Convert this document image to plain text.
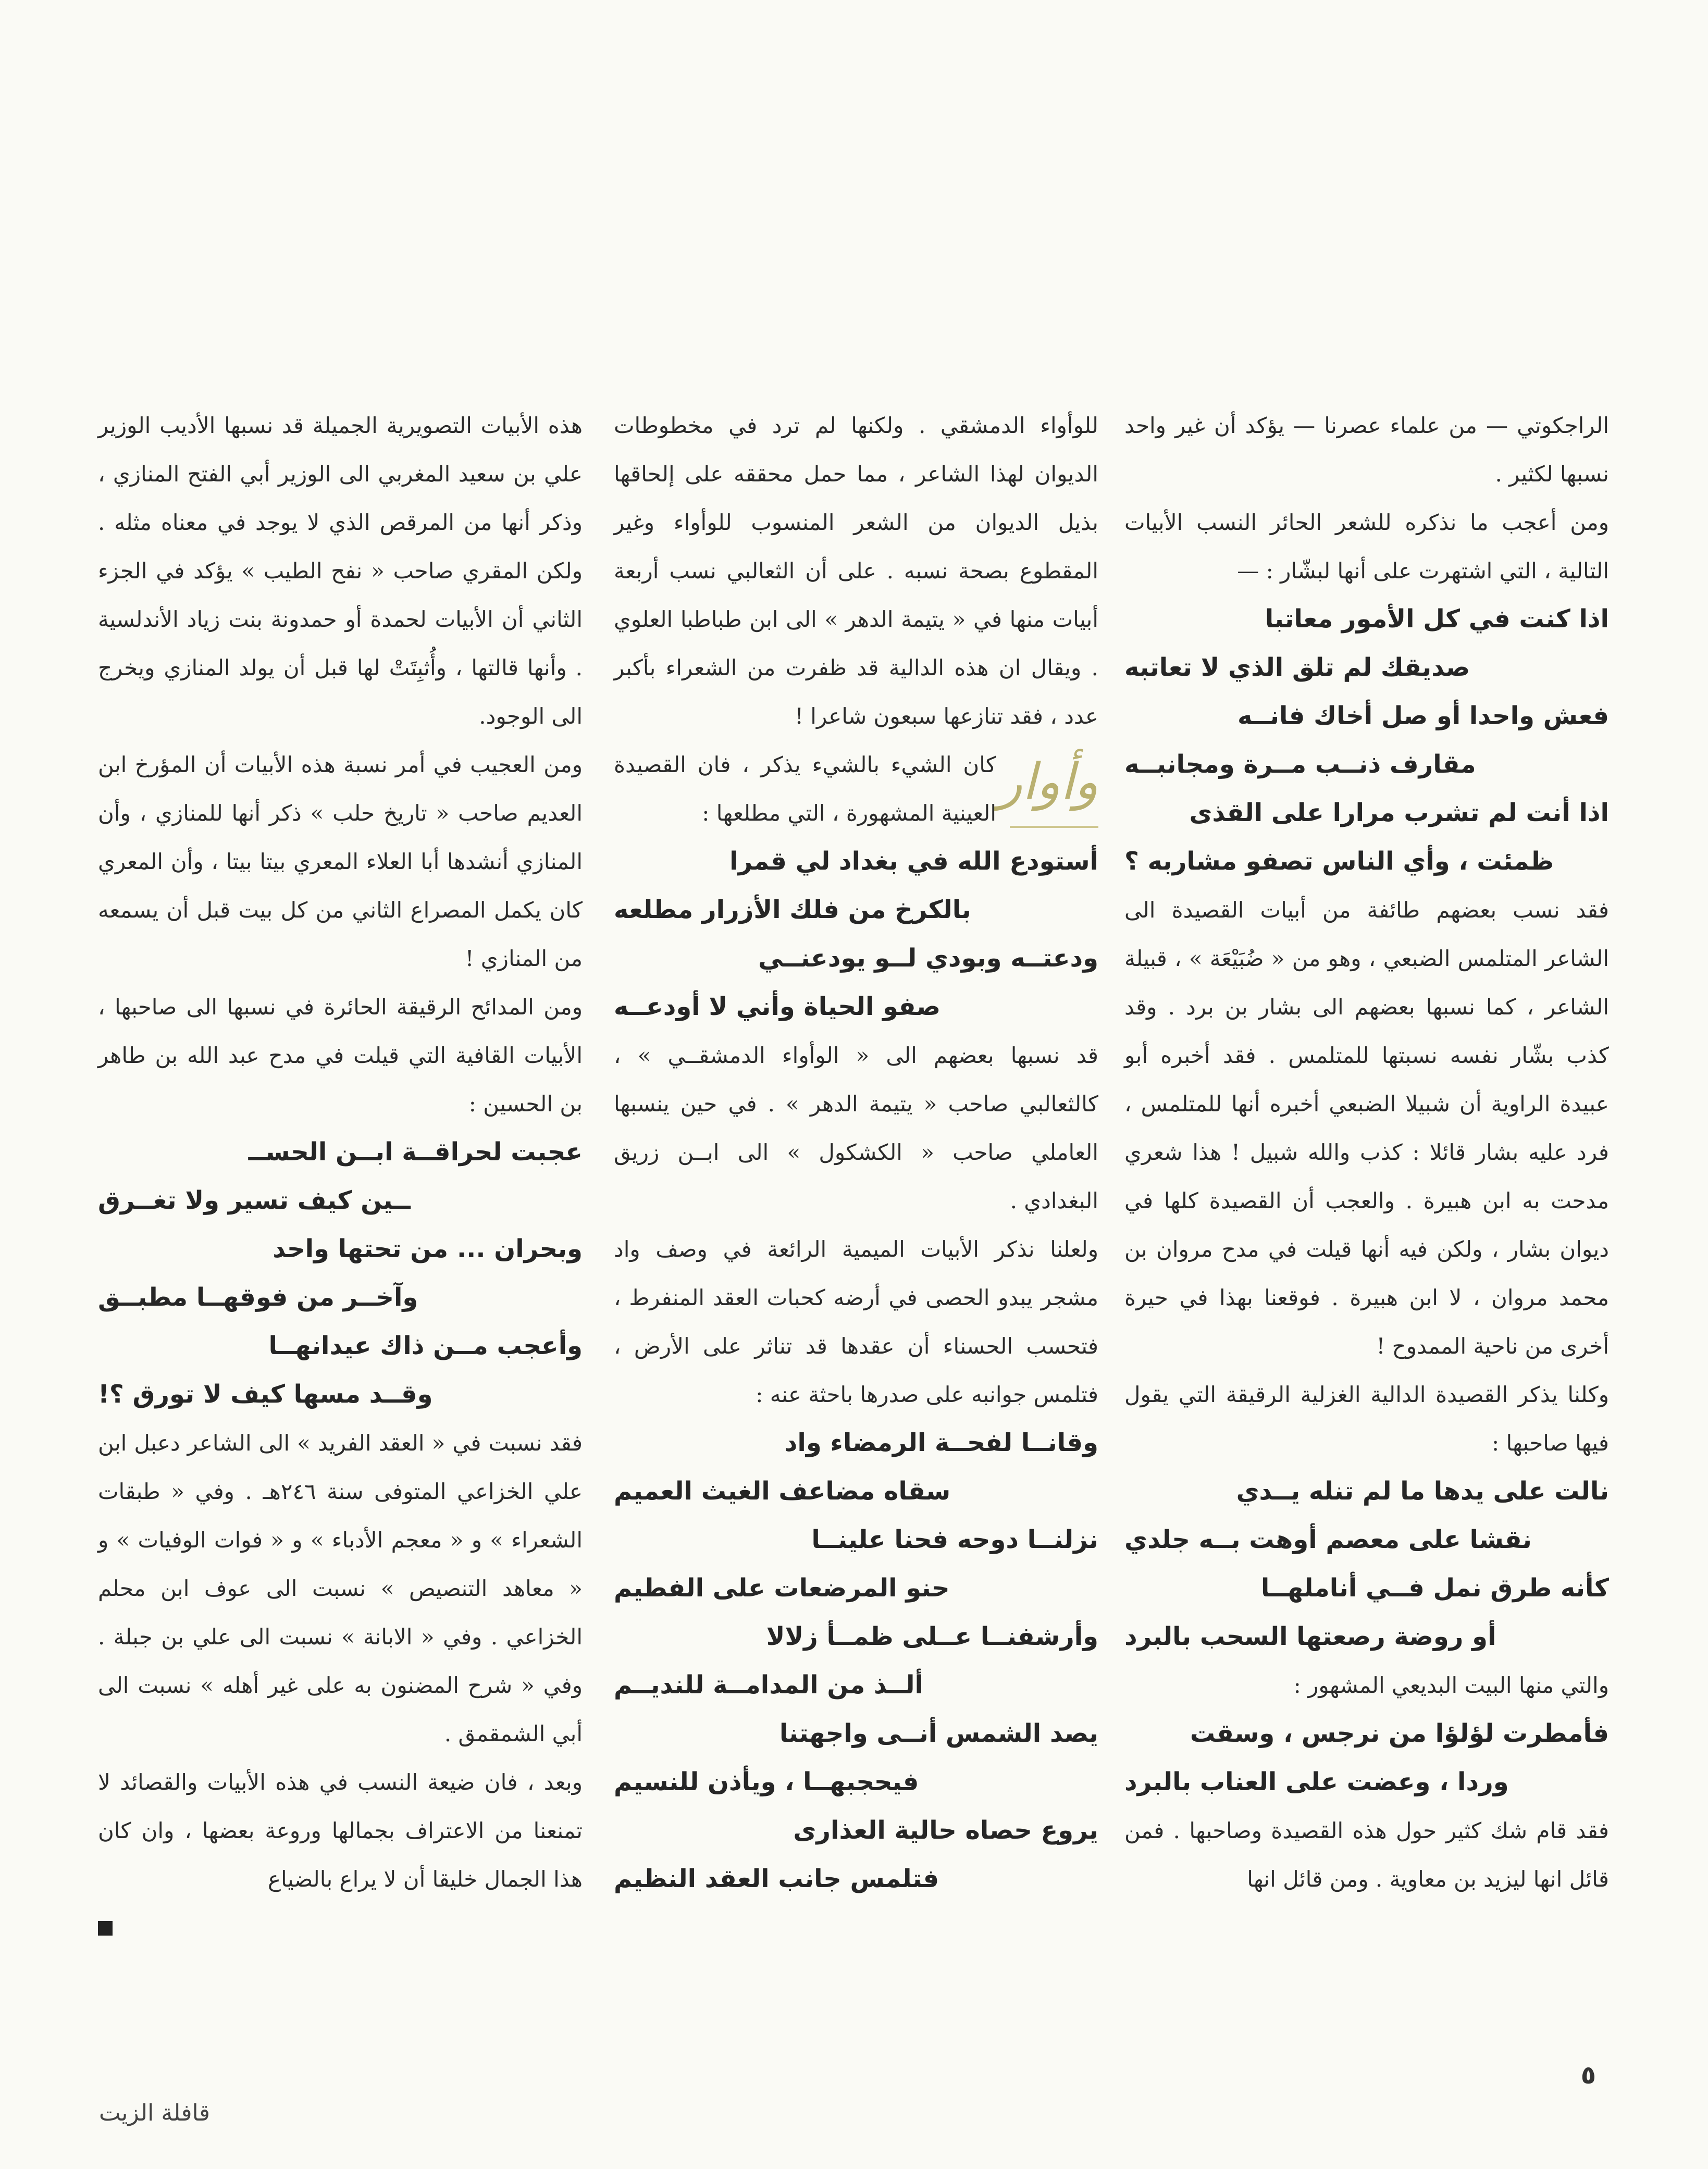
الراجكوتي — من علماء عصرنا — يؤكد أن غير واحد نسبها لكثير .

ومن أعجب ما نذكره للشعر الحائر النسب الأبيات التالية ، التي اشتهرت على أنها لبشّار : —

اذا كنت في كل الأمور معاتبا
صديقك لم تلق الذي لا تعاتبه
فعش واحدا أو صل أخاك فانــه
مقارف ذنــب مــرة ومجانبــه
اذا أنت لم تشرب مرارا على القذى
ظمئت ، وأي الناس تصفو مشاربه ؟

فقد نسب بعضهم طائفة من أبيات القصيدة الى الشاعر المتلمس الضبعي ، وهو من « ضُبَيْعَة » ، قبيلة الشاعر ، كما نسبها بعضهم الى بشار بن برد . وقد كذب بشّار نفسه نسبتها للمتلمس . فقد أخبره أبو عبيدة الراوية أن شبيلا الضبعي أخبره أنها للمتلمس ، فرد عليه بشار قائلا : كذب والله شبيل ! هذا شعري مدحت به ابن هبيرة . والعجب أن القصيدة كلها في ديوان بشار ، ولكن فيه أنها قيلت في مدح مروان بن محمد مروان ، لا ابن هبيرة . فوقعنا بهذا في حيرة أخرى من ناحية الممدوح !

وكلنا يذكر القصيدة الدالية الغزلية الرقيقة التي يقول فيها صاحبها :

نالت على يدها ما لم تنله يــدي
نقشا على معصم أوهت بــه جلدي
كأنه طرق نمل فــي أناملهــا
أو روضة رصعتها السحب بالبرد

والتي منها البيت البديعي المشهور :

فأمطرت لؤلؤا من نرجس ، وسقت
وردا ، وعضت على العناب بالبرد

فقد قام شك كثير حول هذه القصيدة وصاحبها . فمن قائل انها ليزيد بن معاوية . ومن قائل انها

للوأواء الدمشقي . ولكنها لم ترد في مخطوطات الديوان لهذا الشاعر ، مما حمل محققه على إلحاقها بذيل الديوان من الشعر المنسوب للوأواء وغير المقطوع بصحة نسبه . على أن الثعالبي نسب أربعة أبيات منها في « يتيمة الدهر » الى ابن طباطبا العلوي . ويقال ان هذه الدالية قد ظفرت من الشعراء بأكبر عدد ، فقد تنازعها سبعون شاعرا !

وأوار

كان الشيء بالشيء يذكر ، فان القصيدة العينية المشهورة ، التي مطلعها :

أستودع الله في بغداد لي قمرا
بالكرخ من فلك الأزرار مطلعه
ودعتــه وبودي لــو يودعنــي
صفو الحياة وأني لا أودعــه

قد نسبها بعضهم الى « الوأواء الدمشقــي » ، كالثعالبي صاحب « يتيمة الدهر » . في حين ينسبها العاملي صاحب « الكشكول » الى ابــن زريق البغدادي .

ولعلنا نذكر الأبيات الميمية الرائعة في وصف واد مشجر يبدو الحصى في أرضه كحبات العقد المنفرط ، فتحسب الحسناء أن عقدها قد تناثر على الأرض ، فتلمس جوانبه على صدرها باحثة عنه :

وقانــا لفحــة الرمضاء واد
سقاه مضاعف الغيث العميم
نزلنــا دوحه فحنا علينــا
حنو المرضعات على الفطيم
وأرشفنــا عــلى ظمــأ زلالا
ألــذ من المدامــة للنديــم
يصد الشمس أنــى واجهتنا
فيحجبهــا ، ويأذن للنسيم
يروع حصاه حالية العذارى
فتلمس جانب العقد النظيم

هذه الأبيات التصويرية الجميلة قد نسبها الأديب الوزير علي بن سعيد المغربي الى الوزير أبي الفتح المنازي ، وذكر أنها من المرقص الذي لا يوجد في معناه مثله . ولكن المقري صاحب « نفح الطيب » يؤكد في الجزء الثاني أن الأبيات لحمدة أو حمدونة بنت زياد الأندلسية . وأنها قالتها ، وأُثبِتَتْ لها قبل أن يولد المنازي ويخرج الى الوجود.

ومن العجيب في أمر نسبة هذه الأبيات أن المؤرخ ابن العديم صاحب « تاريخ حلب » ذكر أنها للمنازي ، وأن المنازي أنشدها أبا العلاء المعري بيتا بيتا ، وأن المعري كان يكمل المصراع الثاني من كل بيت قبل أن يسمعه من المنازي !

ومن المدائح الرقيقة الحائرة في نسبها الى صاحبها ، الأبيات القافية التي قيلت في مدح عبد الله بن طاهر بن الحسين :

عجبت لحراقــة ابــن الحســ
ــين كيف تسير ولا تغــرق
وبحران ... من تحتها واحد
وآخــر من فوقهــا مطبــق
وأعجب مــن ذاك عيدانهــا
وقــد مسها كيف لا تورق ؟!

فقد نسبت في « العقد الفريد » الى الشاعر دعبل ابن علي الخزاعي المتوفى سنة ٢٤٦هـ . وفي « طبقات الشعراء » و « معجم الأدباء » و « فوات الوفيات » و « معاهد التنصيص » نسبت الى عوف ابن محلم الخزاعي . وفي « الابانة » نسبت الى علي بن جبلة . وفي « شرح المضنون به على غير أهله » نسبت الى أبي الشمقمق .

وبعد ، فان ضيعة النسب في هذه الأبيات والقصائد لا تمنعنا من الاعتراف بجمالها وروعة بعضها ، وان كان هذا الجمال خليقا أن لا يراع بالضياع

٥
قافلة الزيت
